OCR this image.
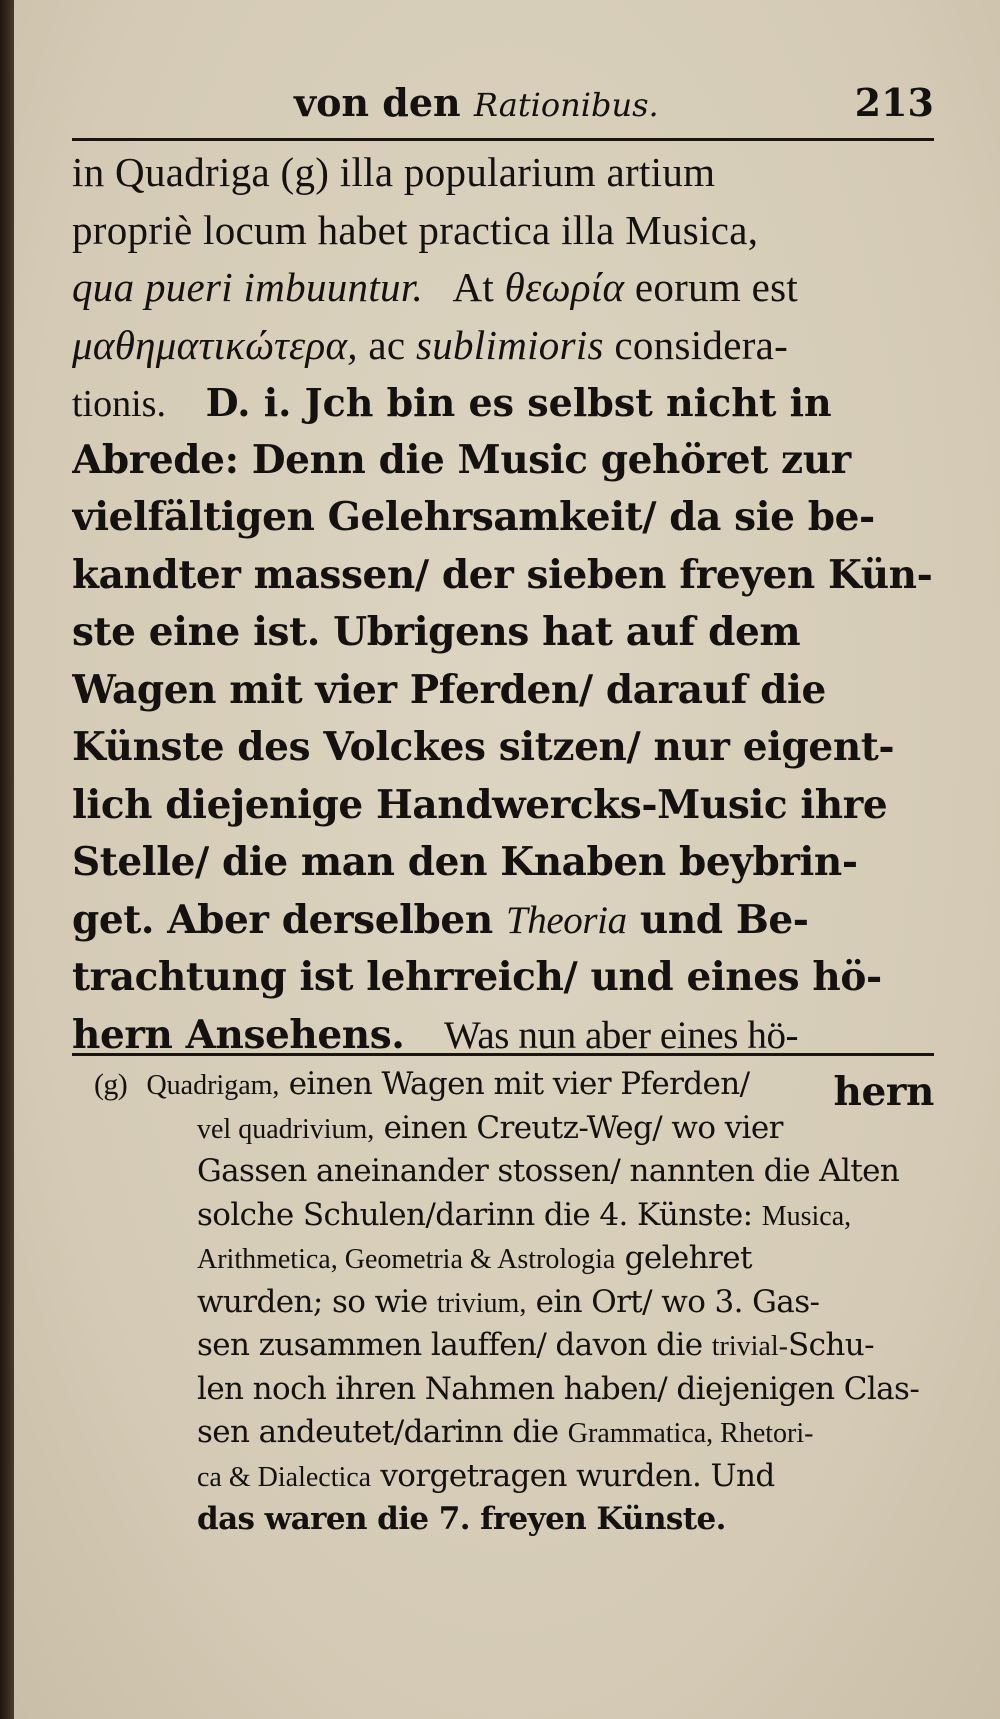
von den Rationibus.	213
in Quadriga (g) illa popularium artium
propriè locum habet practica illa Musica,
qua pueri imbuuntur. At θεωρία eorum est
μαθηματικώτερα, ac sublimioris considera-
tionis. D. i. Jch bin es selbst nicht in
Abrede: Denn die Music gehöret zur
vielfältigen Gelehrsamkeit/ da sie be-
kandter massen/ der sieben freyen Kün-
ste eine ist. Ubrigens hat auf dem
Wagen mit vier Pferden/ darauf die
Künste des Volckes sitzen/ nur eigent-
lich diejenige Handwercks-Music ihre
Stelle/ die man den Knaben beybrin-
get. Aber derselben Theoria und Be-
trachtung ist lehrreich/ und eines hö-
hern Ansehens. Was nun aber eines hö-
hern
(g) Quadrigam, einen Wagen mit vier Pferden/
vel quadrivium, einen Creutz-Weg/ wo vier
Gassen aneinander stossen/ nannten die Alten
solche Schulen/darinn die 4. Künste: Musica,
Arithmetica, Geometria & Astrologia gelehret
wurden; so wie trivium, ein Ort/ wo 3. Gas-
sen zusammen lauffen/ davon die trivial-Schu-
len noch ihren Nahmen haben/ diejenigen Clas-
sen andeutet/darinn die Grammatica, Rhetori-
ca & Dialectica vorgetragen wurden. Und
das waren die 7. freyen Künste.
